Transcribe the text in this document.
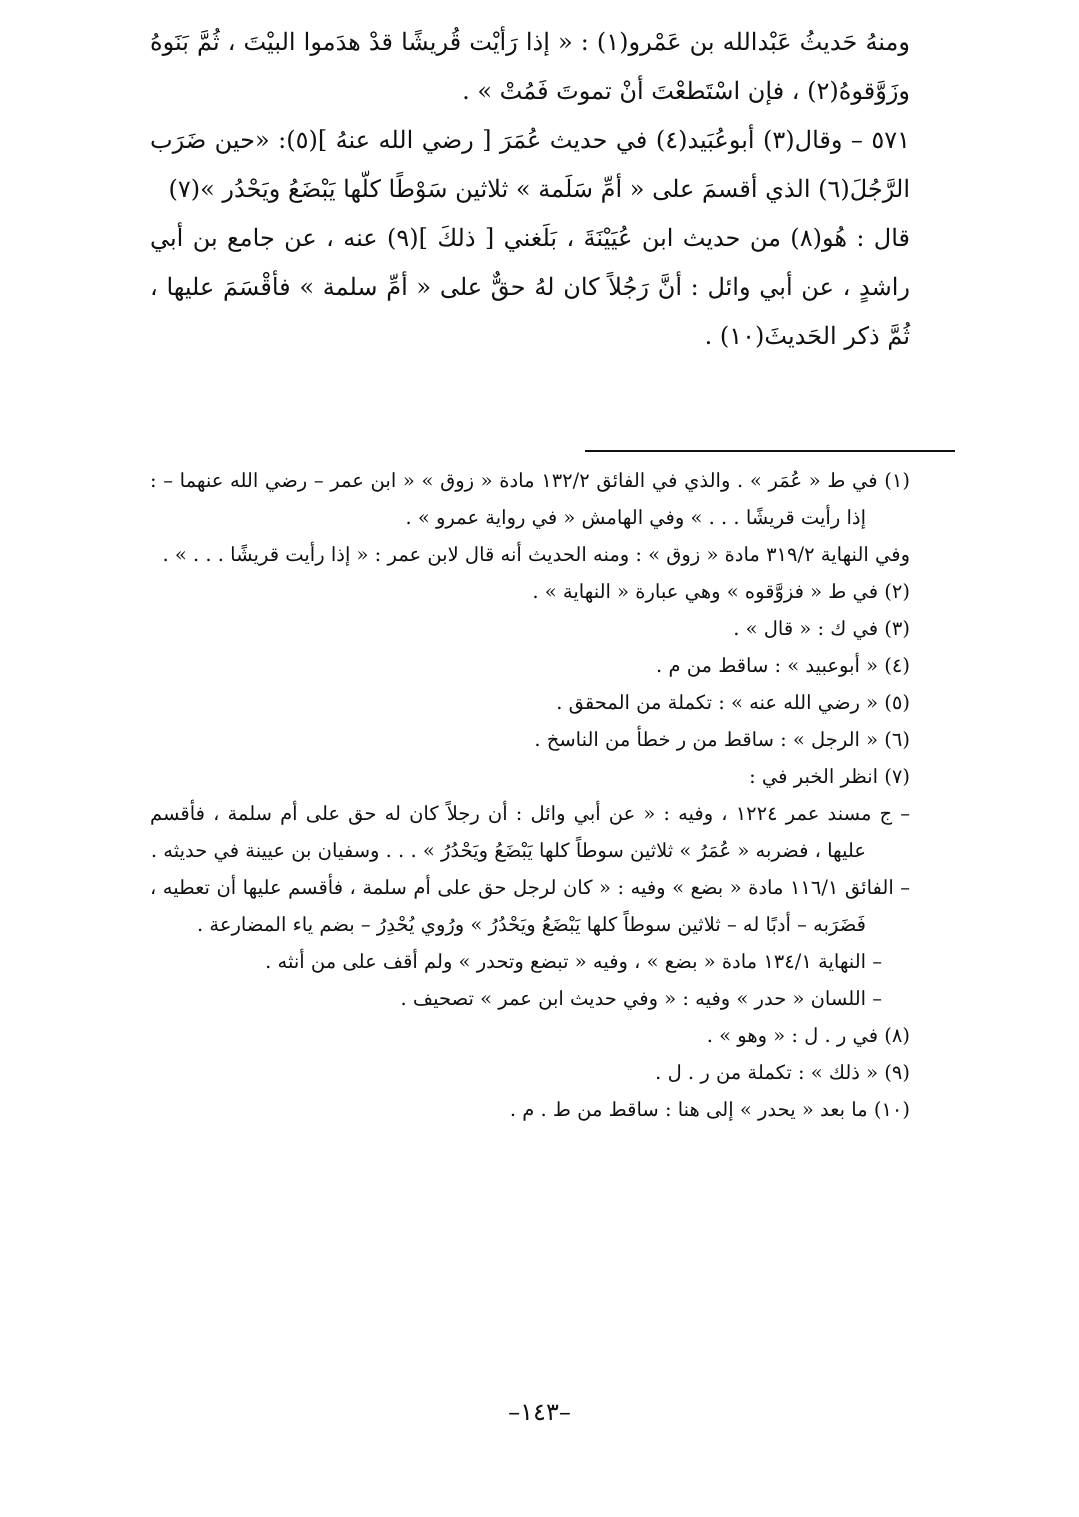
ومنهُ حَديثُ عَبْدالله بن عَمْرو(١) : « إذا رَأيْت قُريشًا قدْ هدَموا البيْتَ ، ثُمَّ بَنَوهُ وزَوَّقوهُ(٢) ، فإن اسْتَطعْتَ أنْ تموتَ فَمُتْ » .

٥٧١ – وقال(٣) أبوعُبَيد(٤) في حديث عُمَرَ [ رضي الله عنهُ ](٥): «حين ضَرَب الرَّجُلَ(٦) الذي أقسمَ على « أمِّ سَلَمة » ثلاثين سَوْطًا كلّها يَبْضَعُ ويَحْدُر »(٧)

قال : هُو(٨) من حديث ابن عُيَيْنَةَ ، بَلَغني [ ذلكَ ](٩) عنه ، عن جامع بن أبي راشدٍ ، عن أبي وائل : أنَّ رَجُلاً كان لهُ حقٌّ على « أمِّ سلمة » فأقْسَمَ عليها ، ثُمَّ ذكر الحَديثَ(١٠) .

(١) في ط « عُمَر » . والذي في الفائق ١٣٢/٢ مادة « زوق » « ابن عمر – رضي الله عنهما – : إذا رأيت قريشًا . . . » وفي الهامش « في رواية عمرو » .

وفي النهاية ٣١٩/٢ مادة « زوق » : ومنه الحديث أنه قال لابن عمر : « إذا رأيت قريشًا . . . » .

(٢) في ط « فزوَّقوه » وهي عبارة « النهاية » .

(٣) في ك : « قال » .

(٤) « أبوعبيد » : ساقط من م .

(٥) « رضي الله عنه » : تكملة من المحقق .

(٦) « الرجل » : ساقط من ر خطأ من الناسخ .

(٧) انظر الخبر في :

– ج مسند عمر ١٢٢٤ ، وفيه : « عن أبي وائل : أن رجلاً كان له حق على أم سلمة ، فأقسم عليها ، فضربه « عُمَرُ » ثلاثين سوطاً كلها يَبْضَعُ ويَحْدُرُ » . . . وسفيان بن عيينة في حديثه .

– الفائق ١١٦/١ مادة « بضع » وفيه : « كان لرجل حق على أم سلمة ، فأقسم عليها أن تعطيه ، فَضَرَبه – أدبًا له – ثلاثين سوطاً كلها يَبْضَعُ ويَحْدُرُ » ورُوي يُحْدِرُ – بضم ياء المضارعة .

– النهاية ١٣٤/١ مادة « بضع » ، وفيه « تبضع وتحدر » ولم أقف على من أنثه .

– اللسان « حدر » وفيه : « وفي حديث ابن عمر » تصحيف .

(٨) في ر . ل : « وهو » .

(٩) « ذلك » : تكملة من ر . ل .

(١٠) ما بعد « يحدر » إلى هنا : ساقط من ط . م .

–١٤٣–
